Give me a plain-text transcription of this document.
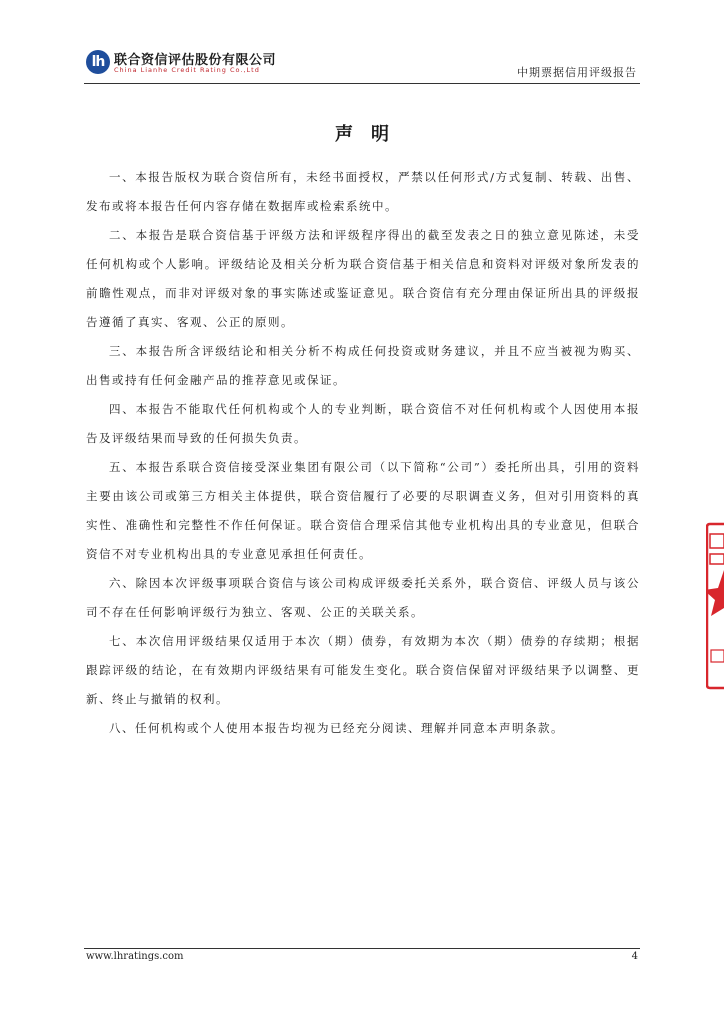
lh 联合资信评估股份有限公司
China Lianhe Credit Rating Co.,Ltd	中期票据信用评级报告
声明

一、本报告版权为联合资信所有，未经书面授权，严禁以任何形式/方式复制、转载、出售、发布或将本报告任何内容存储在数据库或检索系统中。

二、本报告是联合资信基于评级方法和评级程序得出的截至发表之日的独立意见陈述，未受任何机构或个人影响。评级结论及相关分析为联合资信基于相关信息和资料对评级对象所发表的前瞻性观点，而非对评级对象的事实陈述或鉴证意见。联合资信有充分理由保证所出具的评级报告遵循了真实、客观、公正的原则。

三、本报告所含评级结论和相关分析不构成任何投资或财务建议，并且不应当被视为购买、出售或持有任何金融产品的推荐意见或保证。

四、本报告不能取代任何机构或个人的专业判断，联合资信不对任何机构或个人因使用本报告及评级结果而导致的任何损失负责。

五、本报告系联合资信接受深业集团有限公司（以下简称“公司”）委托所出具，引用的资料主要由该公司或第三方相关主体提供，联合资信履行了必要的尽职调查义务，但对引用资料的真实性、准确性和完整性不作任何保证。联合资信合理采信其他专业机构出具的专业意见，但联合资信不对专业机构出具的专业意见承担任何责任。

六、除因本次评级事项联合资信与该公司构成评级委托关系外，联合资信、评级人员与该公司不存在任何影响评级行为独立、客观、公正的关联关系。

七、本次信用评级结果仅适用于本次（期）债券，有效期为本次（期）债券的存续期；根据跟踪评级的结论，在有效期内评级结果有可能发生变化。联合资信保留对评级结果予以调整、更新、终止与撤销的权利。

八、任何机构或个人使用本报告均视为已经充分阅读、理解并同意本声明条款。

www.lhratings.com	4
